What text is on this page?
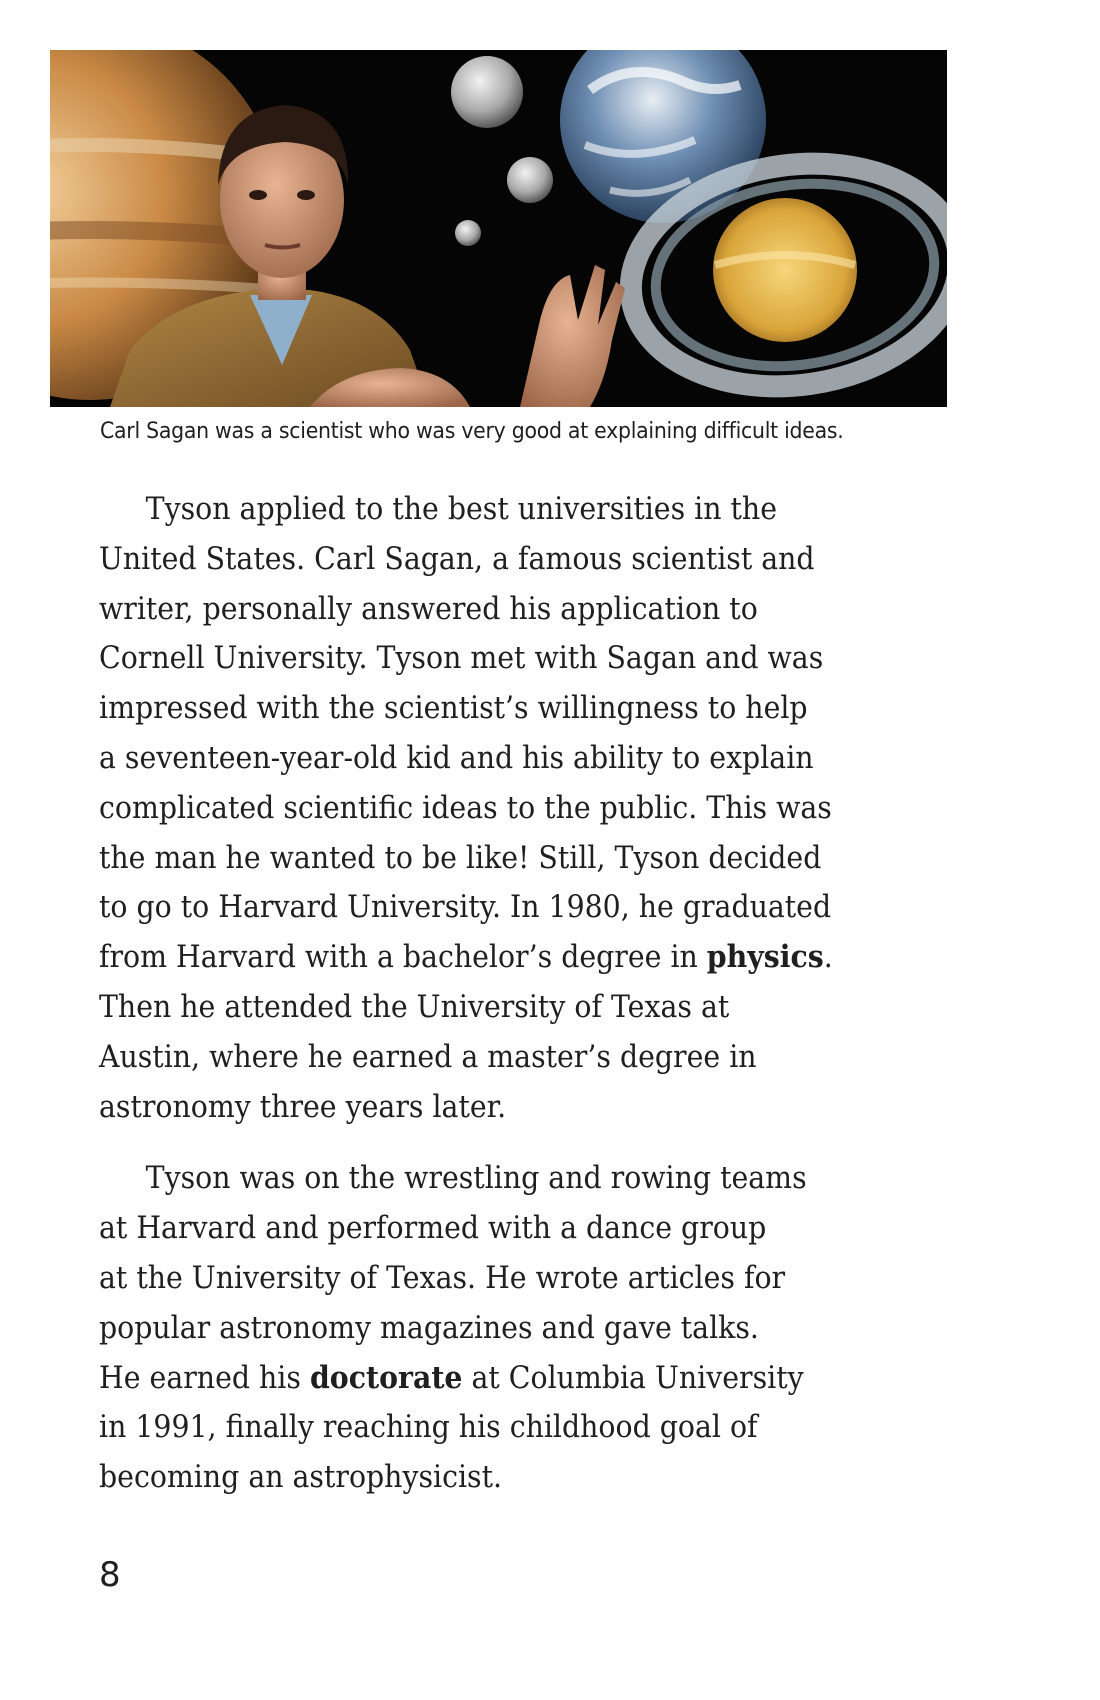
Carl Sagan was a scientist who was very good at explaining difficult ideas.

Tyson applied to the best universities in the
United States. Carl Sagan, a famous scientist and
writer, personally answered his application to
Cornell University. Tyson met with Sagan and was
impressed with the scientist’s willingness to help
a seventeen-year-old kid and his ability to explain
complicated scientific ideas to the public. This was
the man he wanted to be like! Still, Tyson decided
to go to Harvard University. In 1980, he graduated
from Harvard with a bachelor’s degree in physics.
Then he attended the University of Texas at
Austin, where he earned a master’s degree in
astronomy three years later.

Tyson was on the wrestling and rowing teams
at Harvard and performed with a dance group
at the University of Texas. He wrote articles for
popular astronomy magazines and gave talks.
He earned his doctorate at Columbia University
in 1991, finally reaching his childhood goal of
becoming an astrophysicist.

8
